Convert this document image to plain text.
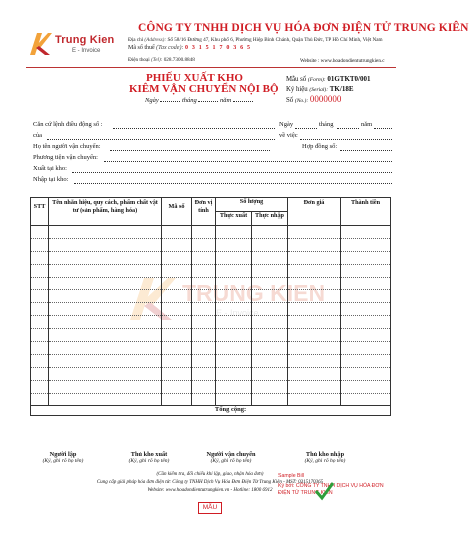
TRUNG KIEN
E - Invoice
Trung Kien
E - Invoice
CÔNG TY TNHH DỊCH VỤ HÓA ĐƠN ĐIỆN TỬ TRUNG KIÊN
Địa chỉ (Address): Số 58/16 Đường 47, Khu phố 6, Phường Hiệp Bình Chánh, Quận Thủ Đức, TP Hồ Chí Minh, Việt Nam
Mã số thuế (Tax code): 0 3 1 5 1 7 0 3 6 5
Điện thoại (Tel): 028.7300.8848	Website : www.hoadondientutrungkien.c
PHIẾU XUẤT KHO
KIÊM VẬN CHUYỂN NỘI BỘ
Ngày	tháng	năm
Mẫu số (Form): 01GTKT0/001
Ký hiệu (Serial): TK/18E
Số (No.): 0000000
Căn cứ lệnh điều động số :	Ngày	tháng	năm
của	về việc
Họ tên người vận chuyển:	Hợp đồng số:
Phương tiện vận chuyển:
Xuất tại kho:
Nhập tại kho:
STT	Tên nhãn hiệu, quy cách, phẩm chất vật tư (sản phẩm, hàng hóa)	Mã số	Đơn vị tính	Số lượng		Đơn giá	Thành tiền
				Thực xuất	Thực nhập		

Tổng cộng:							
Người lập
(Ký, ghi rõ họ tên)
Thủ kho xuất
(Ký, ghi rõ họ tên)
Người vận chuyển
(Ký, ghi rõ họ tên)
Thủ kho nhập
(Ký, ghi rõ họ tên)
Sample Bill
Ký bởi: CÔNG TY TNHH DỊCH VỤ HÓA ĐƠN ĐIỆN TỬ TRUNG KIÊN
(Cần kiểm tra, đối chiếu khi lập, giao, nhận hóa đơn)
Cung cấp giải pháp hóa đơn điện tử: Công ty TNHH Dịch Vụ Hóa Đơn Điện Tử Trung Kiên - MST: 0315170365
Website: www.hoadondientutrungkien.vn - Hotline: 1800 6912
MẪU
